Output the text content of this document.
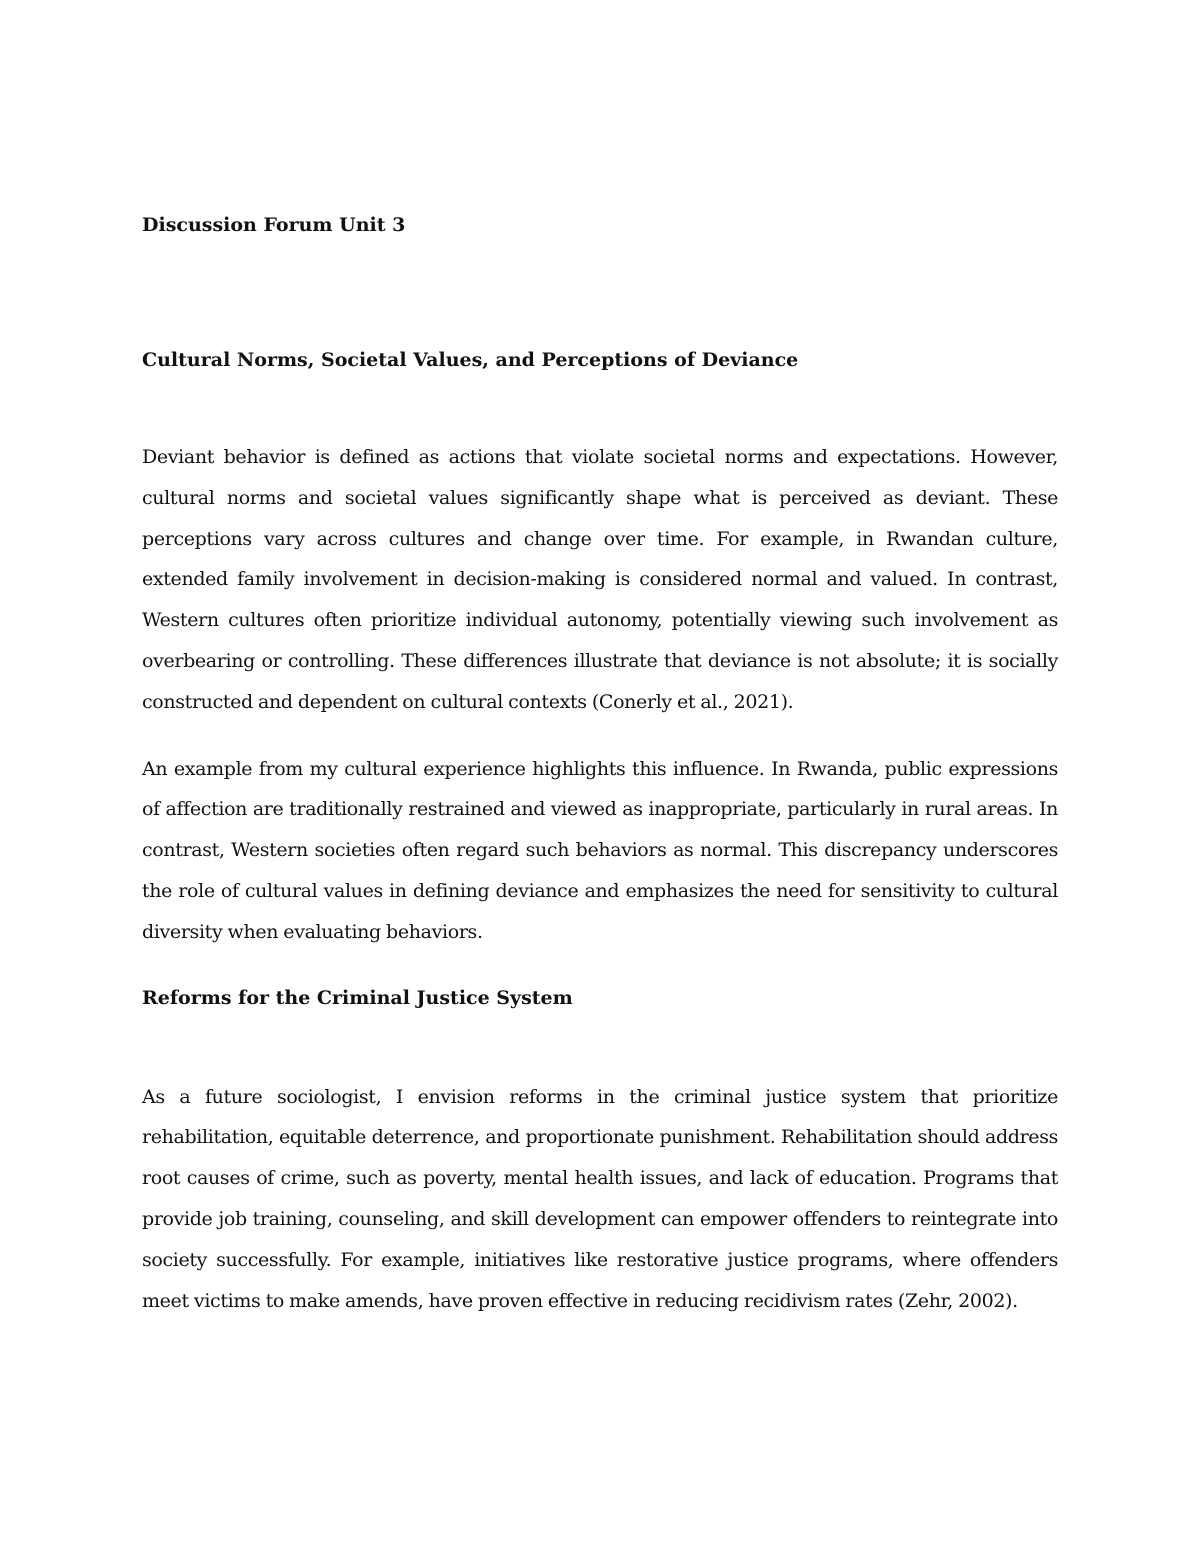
Discussion Forum Unit 3

Cultural Norms, Societal Values, and Perceptions of Deviance

Deviant behavior is defined as actions that violate societal norms and expectations. However, cultural norms and societal values significantly shape what is perceived as deviant. These perceptions vary across cultures and change over time. For example, in Rwandan culture, extended family involvement in decision-making is considered normal and valued. In contrast, Western cultures often prioritize individual autonomy, potentially viewing such involvement as overbearing or controlling. These differences illustrate that deviance is not absolute; it is socially constructed and dependent on cultural contexts (Conerly et al., 2021).

An example from my cultural experience highlights this influence. In Rwanda, public expressions of affection are traditionally restrained and viewed as inappropriate, particularly in rural areas. In contrast, Western societies often regard such behaviors as normal. This discrepancy underscores the role of cultural values in defining deviance and emphasizes the need for sensitivity to cultural diversity when evaluating behaviors.

Reforms for the Criminal Justice System

As a future sociologist, I envision reforms in the criminal justice system that prioritize rehabilitation, equitable deterrence, and proportionate punishment. Rehabilitation should address root causes of crime, such as poverty, mental health issues, and lack of education. Programs that provide job training, counseling, and skill development can empower offenders to reintegrate into society successfully. For example, initiatives like restorative justice programs, where offenders meet victims to make amends, have proven effective in reducing recidivism rates (Zehr, 2002).
